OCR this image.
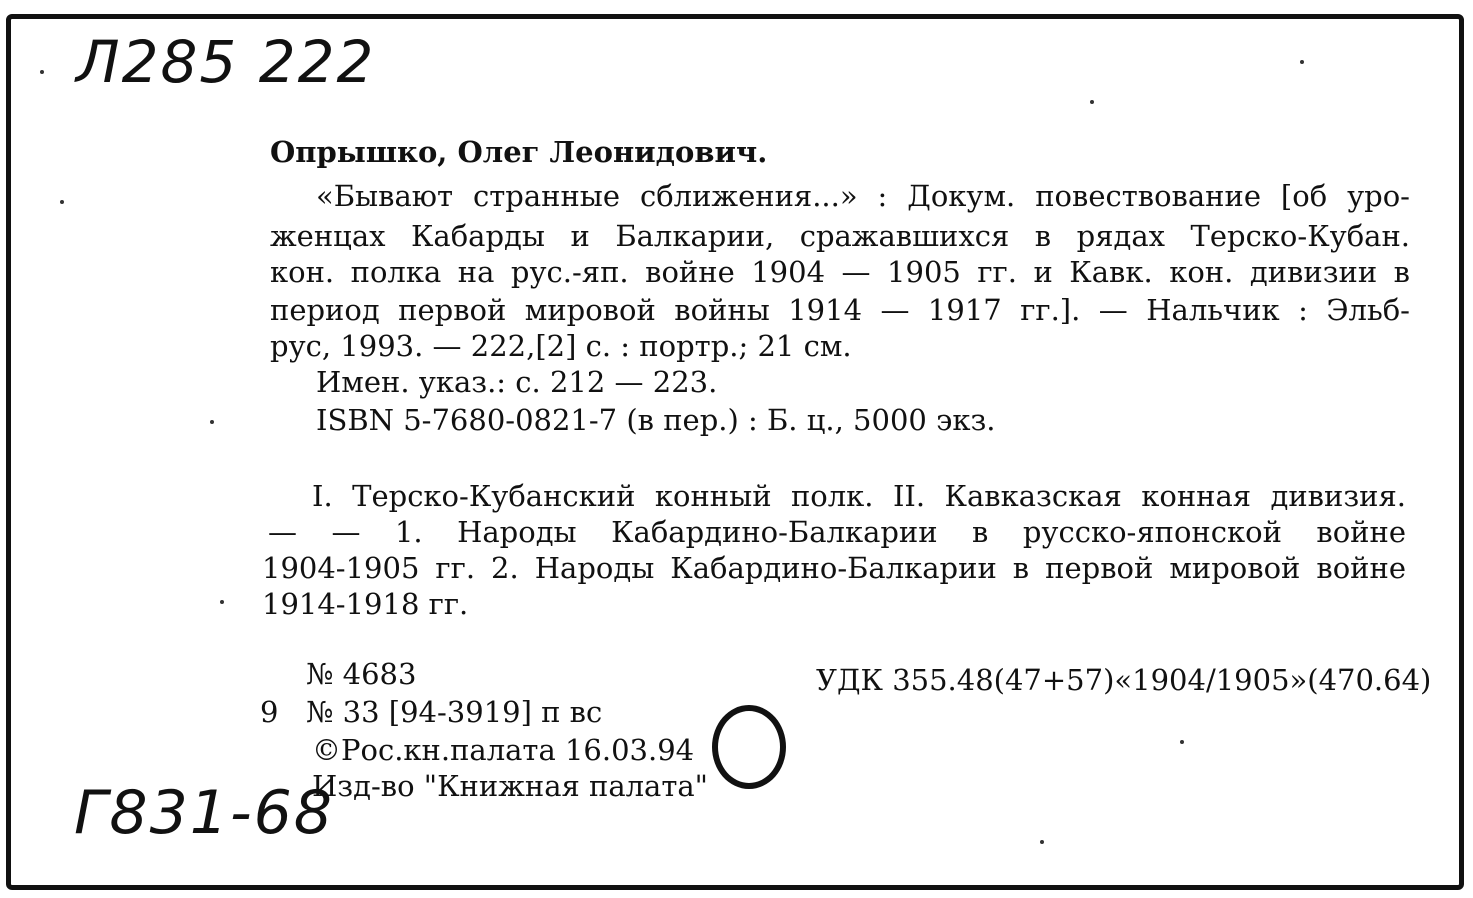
Л285 222
Опрышко, Олег Леонидович.
«Бывают странные сближения...» : Докум. повествование [об уро-
женцах Кабарды и Балкарии, сражавшихся в рядах Терско-Кубан.
кон. полка на рус.-яп. войне 1904 — 1905 гг. и Кавк. кон. дивизии в
период первой мировой войны 1914 — 1917 гг.]. — Нальчик : Эльб-
рус, 1993. — 222,[2] с. : портр.; 21 см.
Имен. указ.: с. 212 — 223.
ISBN 5-7680-0821-7 (в пер.) : Б. ц., 5000 экз.
I. Терско-Кубанский конный полк. II. Кавказская конная дивизия.
— — 1. Народы Кабардино-Балкарии в русско-японской войне
1904-1905 гг. 2. Народы Кабардино-Балкарии в первой мировой войне
1914-1918 гг.
№ 4683
9 № 33 [94-3919] п вс
©Рос.кн.палата 16.03.94
Изд-во "Книжная палата"
УДК 355.48(47+57)«1904/1905»(470.64)
Г831-68
